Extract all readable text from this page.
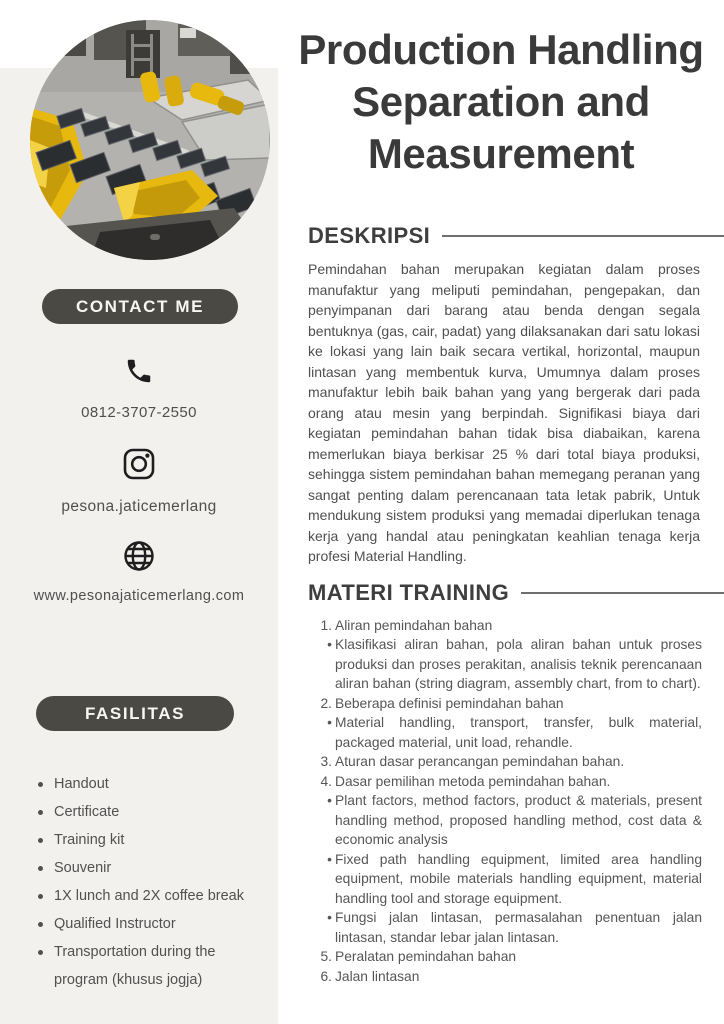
CONTACT ME
0812-3707-2550
pesona.jaticemerlang
www.pesonajaticemerlang.com
FASILITAS
Handout
Certificate
Training kit
Souvenir
1X lunch and 2X coffee break
Qualified Instructor
Transportation during the program (khusus jogja)
Production Handling Separation and Measurement
DESKRIPSI

Pemindahan bahan merupakan kegiatan dalam proses manufaktur yang meliputi pemindahan, pengepakan, dan penyimpanan dari barang atau benda dengan segala bentuknya (gas, cair, padat) yang dilaksanakan dari satu lokasi ke lokasi yang lain baik secara vertikal, horizontal, maupun lintasan yang membentuk kurva, Umumnya dalam proses manufaktur lebih baik bahan yang yang bergerak dari pada orang atau mesin yang berpindah. Signifikasi biaya dari kegiatan pemindahan bahan tidak bisa diabaikan, karena memerlukan biaya berkisar 25 % dari total biaya produksi, sehingga sistem pemindahan bahan memegang peranan yang sangat penting dalam perencanaan tata letak pabrik, Untuk mendukung sistem produksi yang memadai diperlukan tenaga kerja yang handal atau peningkatan keahlian tenaga kerja profesi Material Handling.

MATERI TRAINING
1. Aliran pemindahan bahan
• Klasifikasi aliran bahan, pola aliran bahan untuk proses produksi dan proses perakitan, analisis teknik perencanaan aliran bahan (string diagram, assembly chart, from to chart).
2. Beberapa definisi pemindahan bahan
• Material handling, transport, transfer, bulk material, packaged material, unit load, rehandle.
3. Aturan dasar perancangan pemindahan bahan.
4. Dasar pemilihan metoda pemindahan bahan.
• Plant factors, method factors, product & materials, present handling method, proposed handling method, cost data & economic analysis
• Fixed path handling equipment, limited area handling equipment, mobile materials handling equipment, material handling tool and storage equipment.
• Fungsi jalan lintasan, permasalahan penentuan jalan lintasan, standar lebar jalan lintasan.
5. Peralatan pemindahan bahan
6. Jalan lintasan
